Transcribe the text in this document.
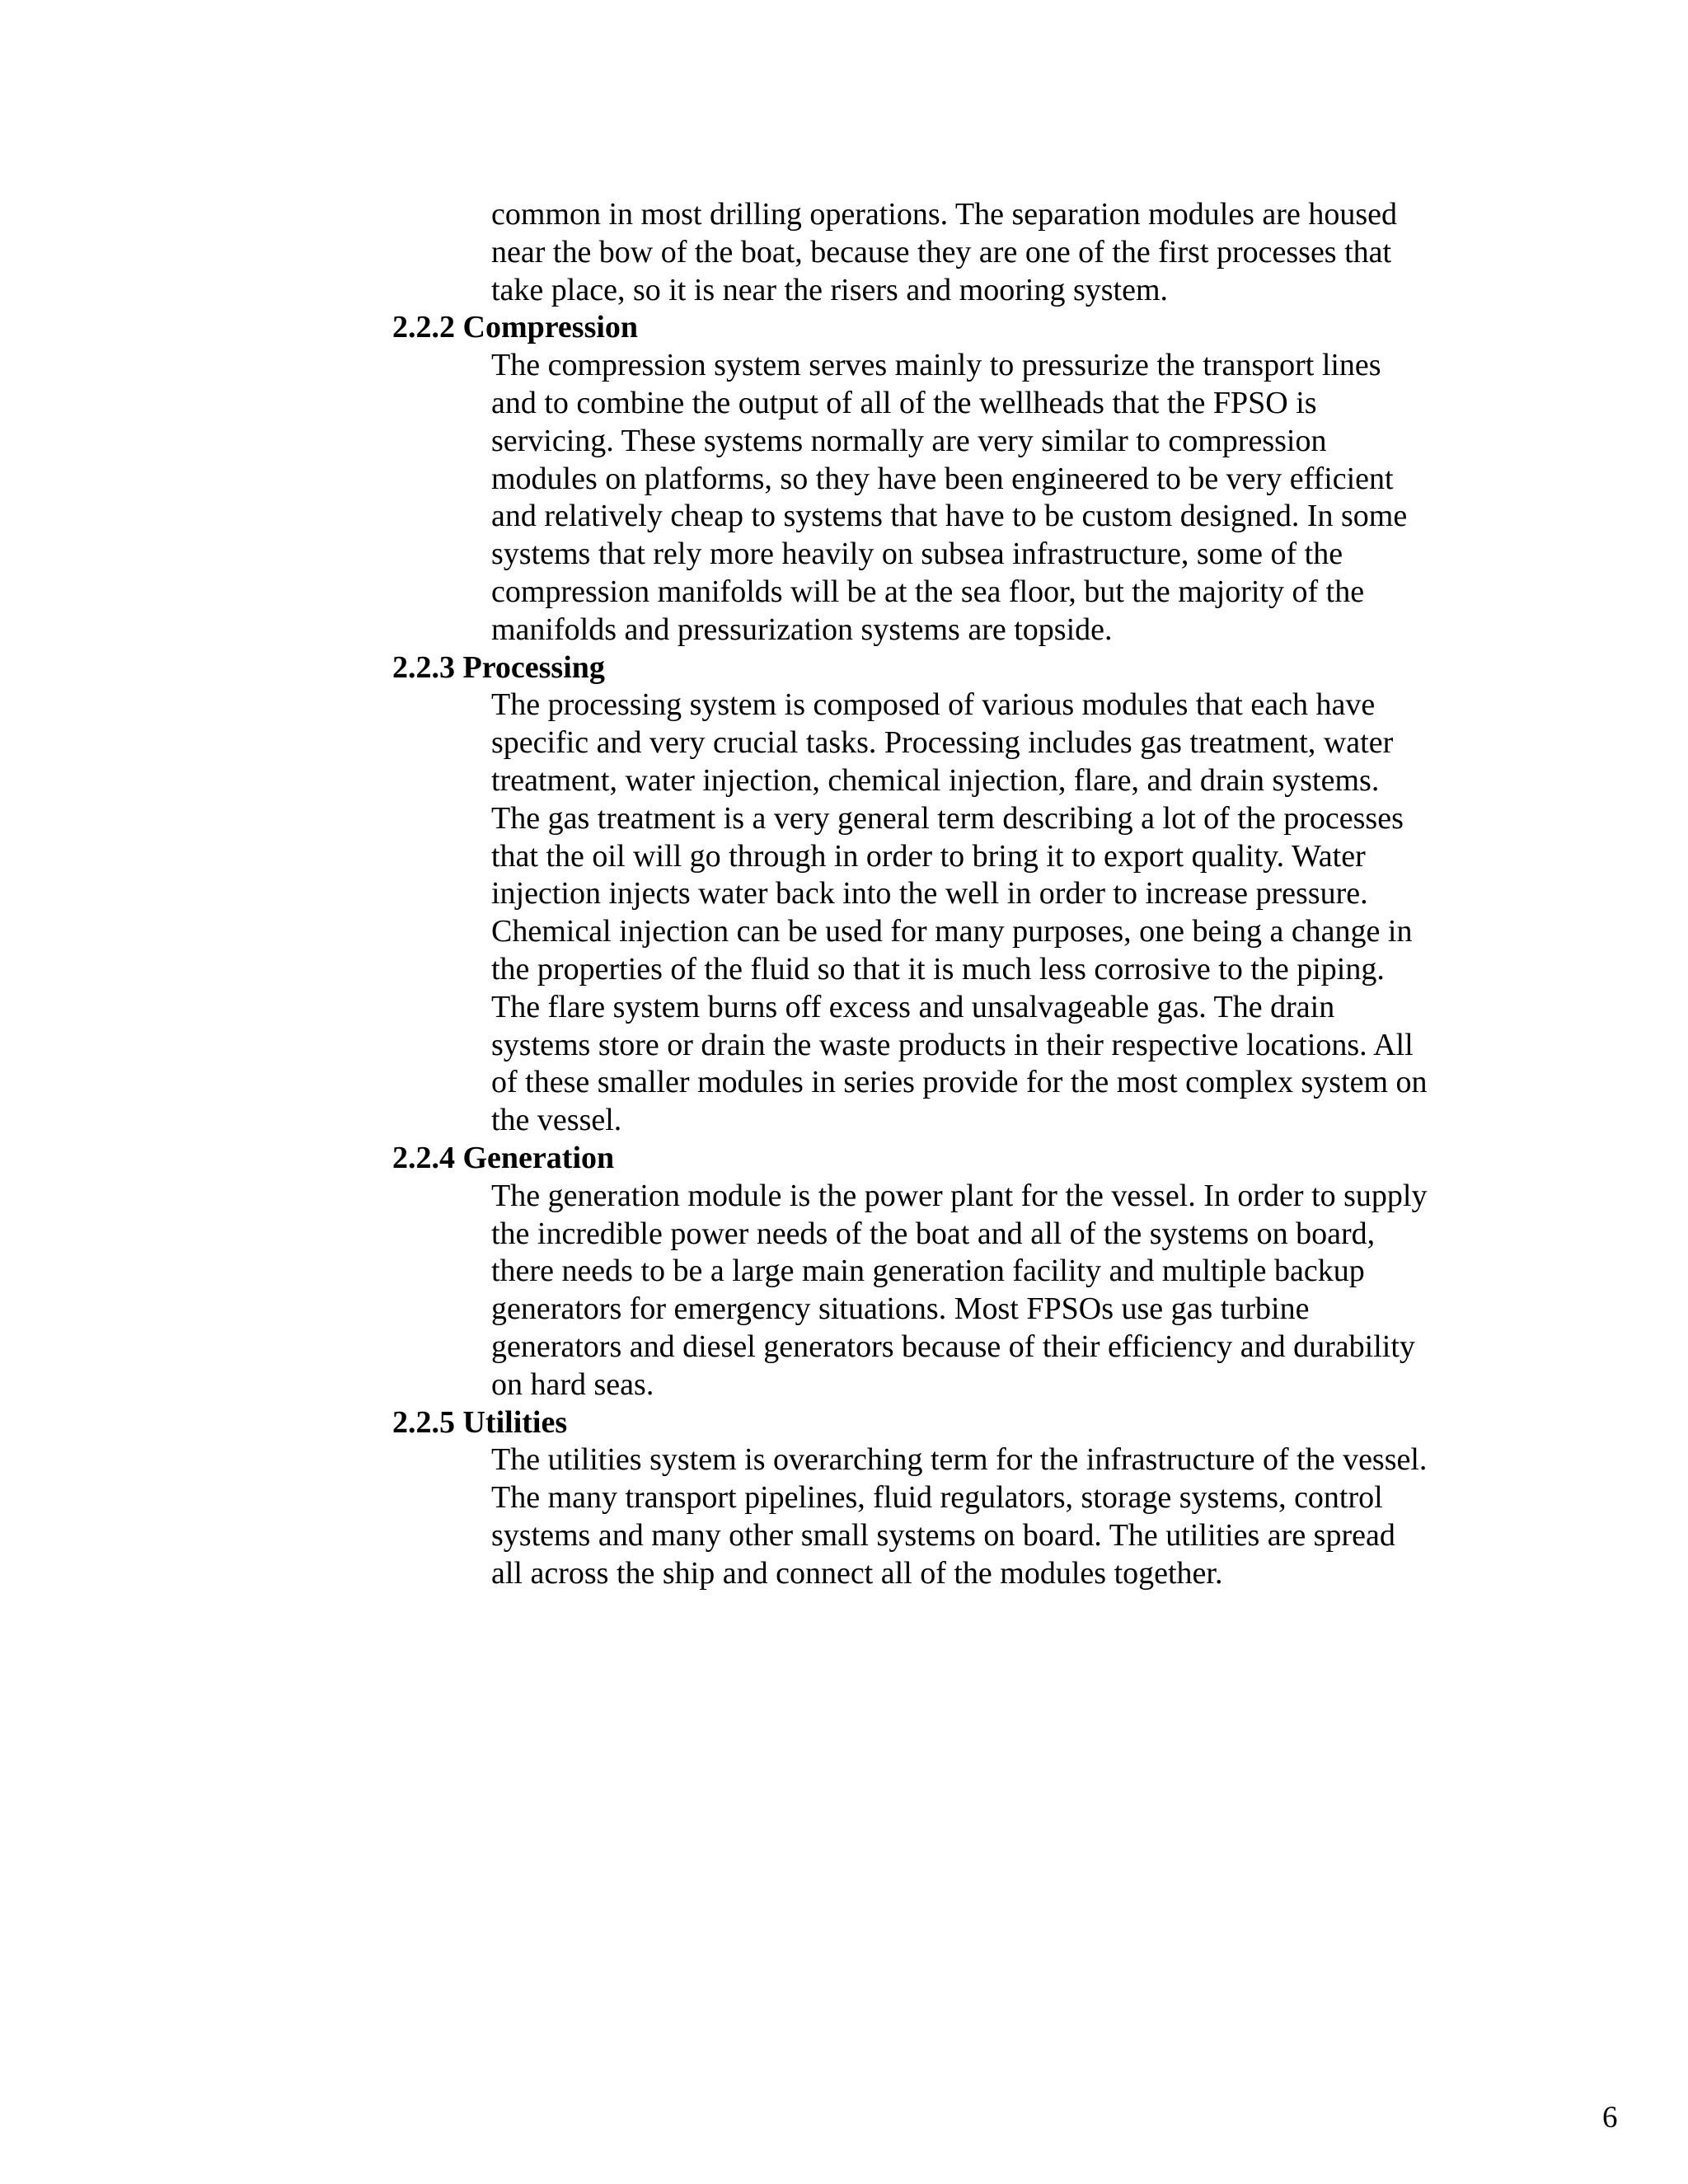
common in most drilling operations. The separation modules are housed
near the bow of the boat, because they are one of the first processes that
take place, so it is near the risers and mooring system.

2.2.2 Compression

The compression system serves mainly to pressurize the transport lines
and to combine the output of all of the wellheads that the FPSO is
servicing. These systems normally are very similar to compression
modules on platforms, so they have been engineered to be very efficient
and relatively cheap to systems that have to be custom designed. In some
systems that rely more heavily on subsea infrastructure, some of the
compression manifolds will be at the sea floor, but the majority of the
manifolds and pressurization systems are topside.

2.2.3 Processing

The processing system is composed of various modules that each have
specific and very crucial tasks. Processing includes gas treatment, water
treatment, water injection, chemical injection, flare, and drain systems.
The gas treatment is a very general term describing a lot of the processes
that the oil will go through in order to bring it to export quality. Water
injection injects water back into the well in order to increase pressure.
Chemical injection can be used for many purposes, one being a change in
the properties of the fluid so that it is much less corrosive to the piping.
The flare system burns off excess and unsalvageable gas. The drain
systems store or drain the waste products in their respective locations. All
of these smaller modules in series provide for the most complex system on
the vessel.

2.2.4 Generation

The generation module is the power plant for the vessel. In order to supply
the incredible power needs of the boat and all of the systems on board,
there needs to be a large main generation facility and multiple backup
generators for emergency situations. Most FPSOs use gas turbine
generators and diesel generators because of their efficiency and durability
on hard seas.

2.2.5 Utilities

The utilities system is overarching term for the infrastructure of the vessel.
The many transport pipelines, fluid regulators, storage systems, control
systems and many other small systems on board. The utilities are spread
all across the ship and connect all of the modules together.

6
